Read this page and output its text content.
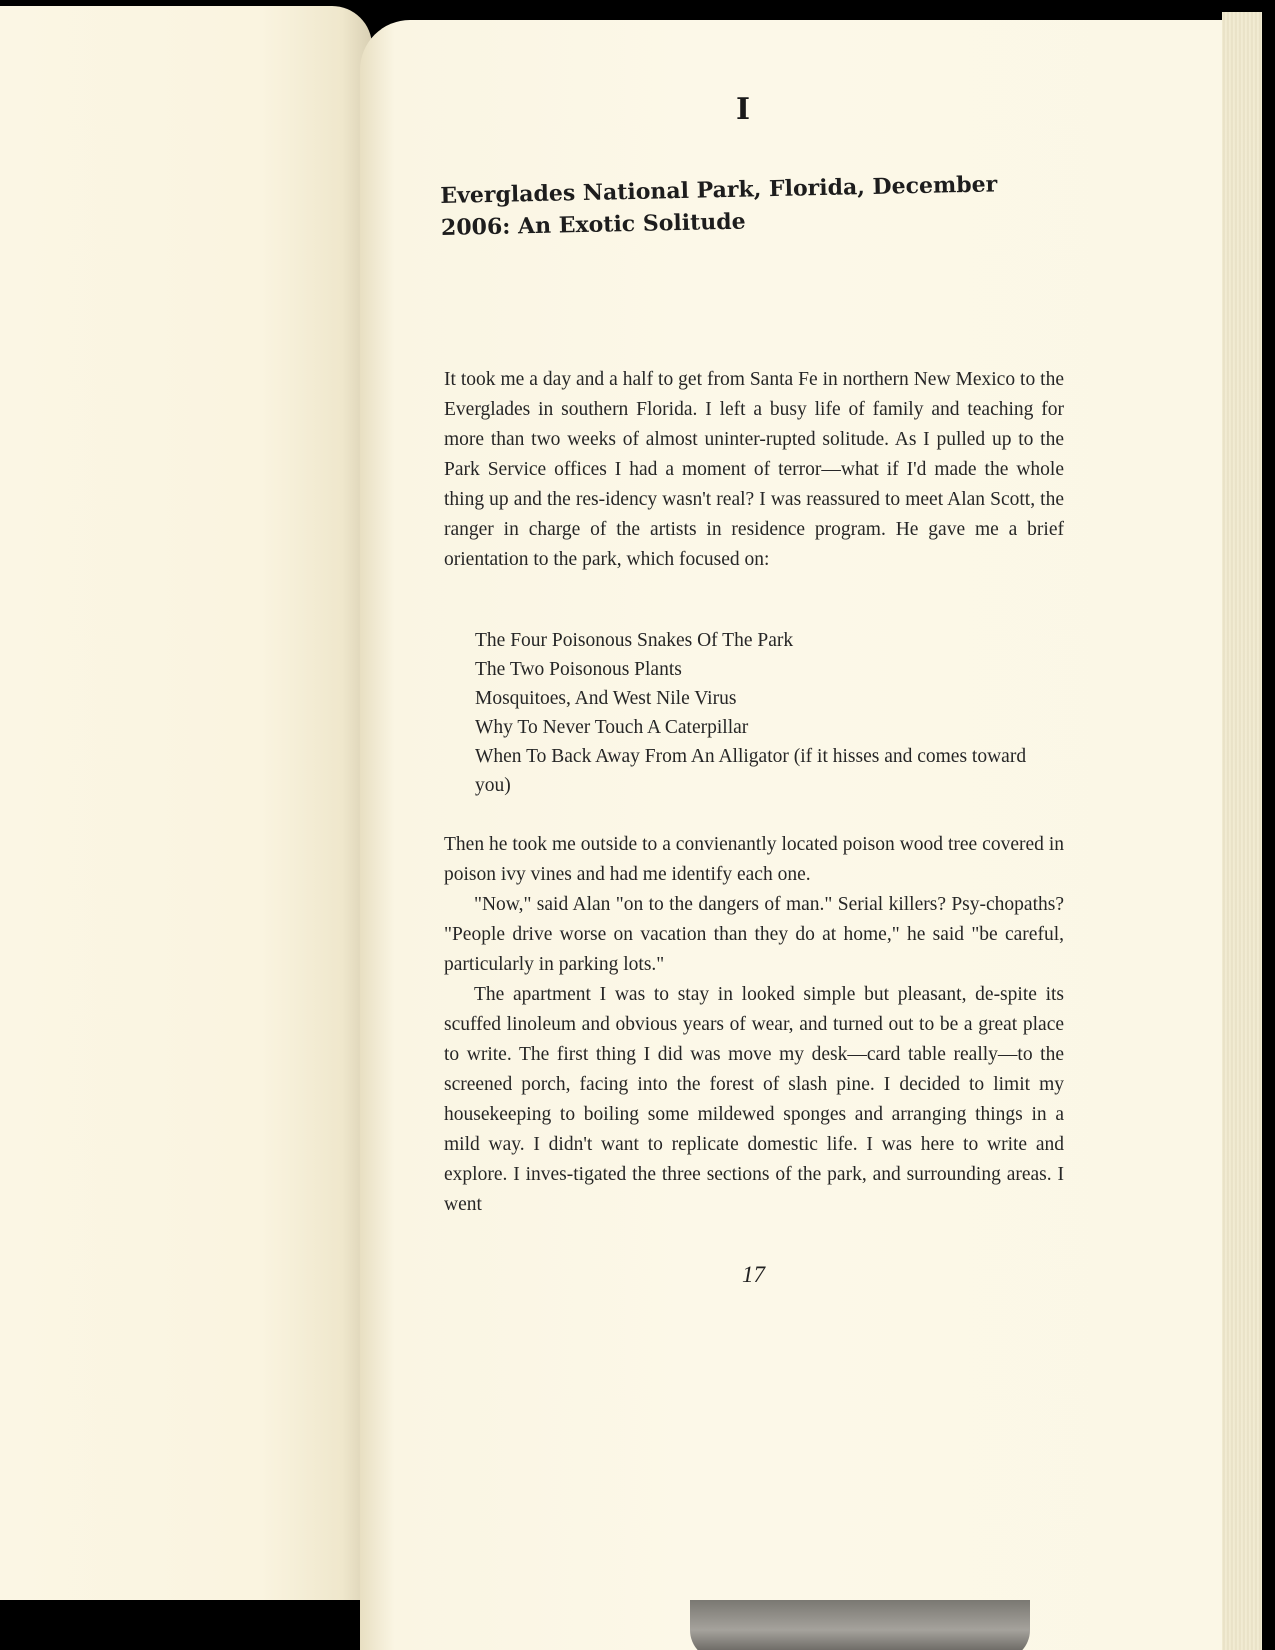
I
Everglades National Park, Florida, December
2006: An Exotic Solitude

It took me a day and a half to get from Santa Fe in northern New Mexico to the Everglades in southern Florida. I left a busy life of family and teaching for more than two weeks of almost uninter-rupted solitude. As I pulled up to the Park Service offices I had a moment of terror—what if I'd made the whole thing up and the res-idency wasn't real? I was reassured to meet Alan Scott, the ranger in charge of the artists in residence program. He gave me a brief orientation to the park, which focused on:

The Four Poisonous Snakes Of The Park
The Two Poisonous Plants
Mosquitoes, And West Nile Virus
Why To Never Touch A Caterpillar
When To Back Away From An Alligator (if it hisses and comes toward you)

Then he took me outside to a convienantly located poison wood tree covered in poison ivy vines and had me identify each one.

"Now," said Alan "on to the dangers of man." Serial killers? Psy-chopaths? "People drive worse on vacation than they do at home," he said "be careful, particularly in parking lots."

The apartment I was to stay in looked simple but pleasant, de-spite its scuffed linoleum and obvious years of wear, and turned out to be a great place to write. The first thing I did was move my desk—card table really—to the screened porch, facing into the forest of slash pine. I decided to limit my housekeeping to boiling some mildewed sponges and arranging things in a mild way. I didn't want to replicate domestic life. I was here to write and explore. I inves-tigated the three sections of the park, and surrounding areas. I went

17
